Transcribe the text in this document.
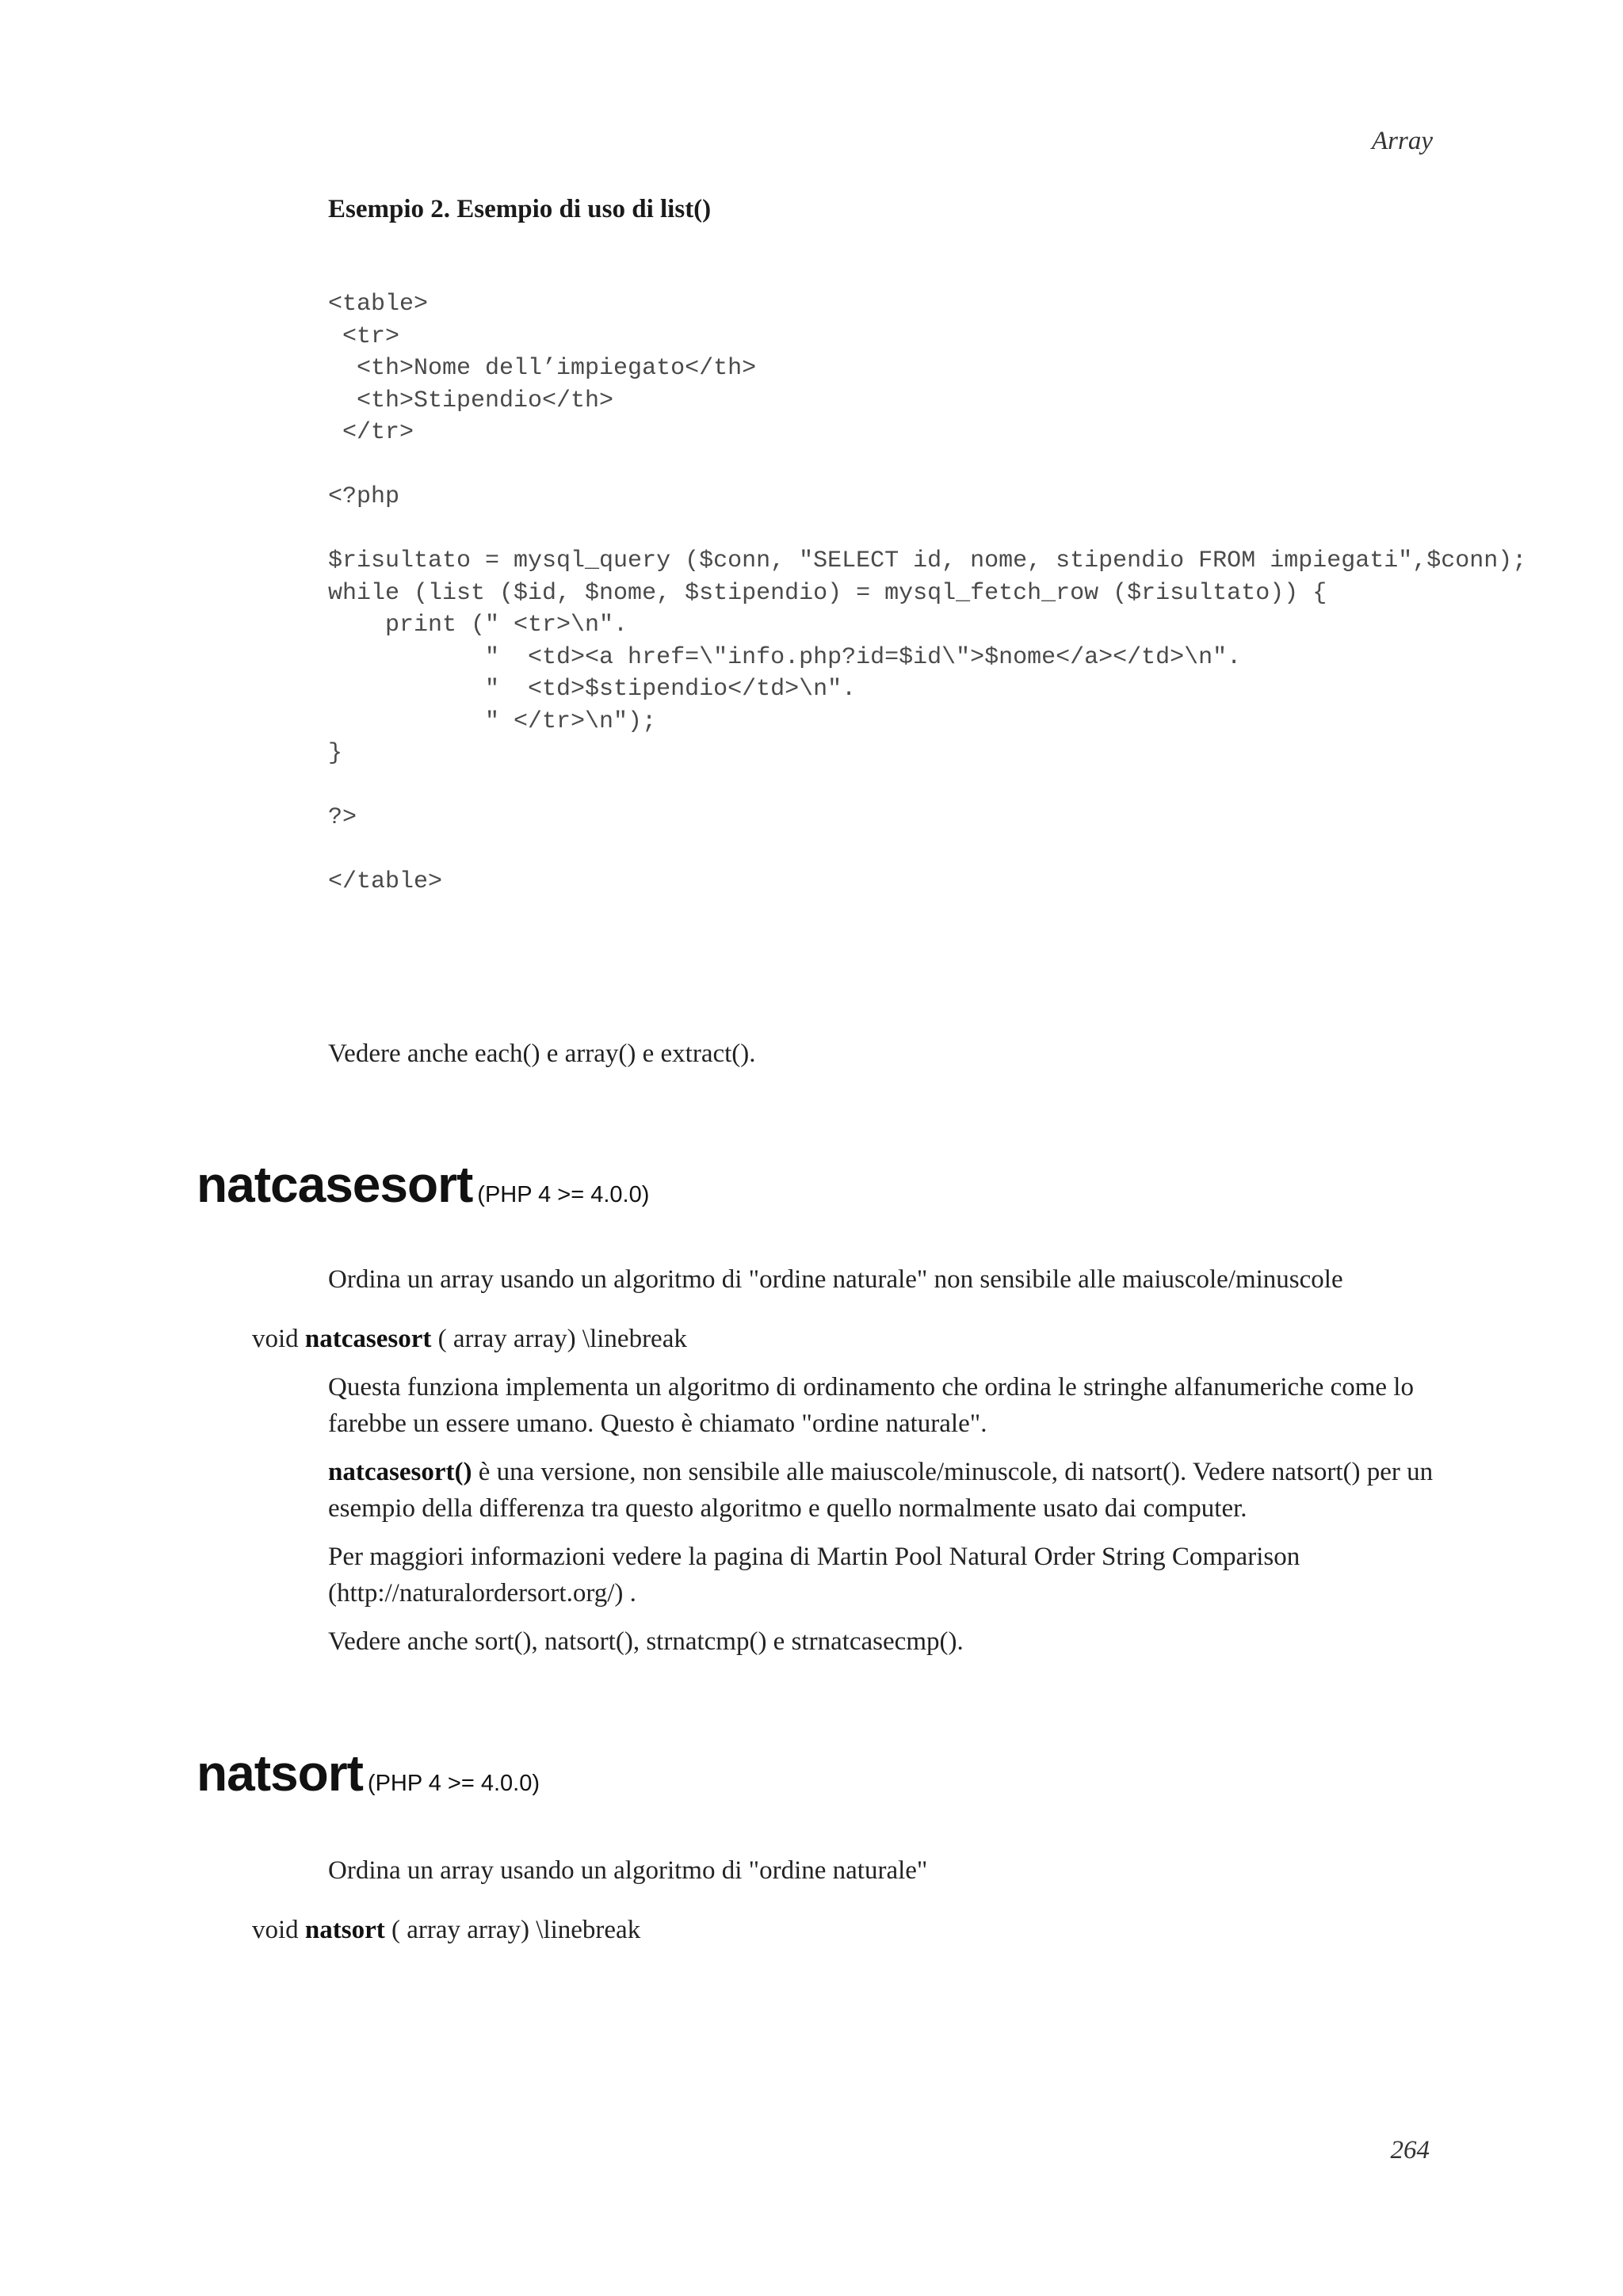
Array
Esempio 2. Esempio di uso di list()
<table>
<tr>
<th>Nome dell’impiegato</th>
<th>Stipendio</th>
</tr>

<?php

$risultato = mysql_query ($conn, "SELECT id, nome, stipendio FROM impiegati",$conn);
while (list ($id, $nome, $stipendio) = mysql_fetch_row ($risultato)) {
print (" <tr>\n".
"  <td><a href=\"info.php?id=$id\">$nome</a></td>\n".
"  <td>$stipendio</td>\n".
" </tr>\n");
}

?>

</table>
Vedere anche each() e array() e extract().
natcasesort (PHP 4 >= 4.0.0)
Ordina un array usando un algoritmo di "ordine naturale" non sensibile alle maiuscole/minuscole
void natcasesort ( array array) \linebreak

Questa funziona implementa un algoritmo di ordinamento che ordina le stringhe alfanumeriche come lo farebbe un essere umano. Questo è chiamato "ordine naturale".

natcasesort() è una versione, non sensibile alle maiuscole/minuscole, di natsort(). Vedere natsort() per un esempio della differenza tra questo algoritmo e quello normalmente usato dai computer.

Per maggiori informazioni vedere la pagina di Martin Pool Natural Order String Comparison (http://naturalordersort.org/) .

Vedere anche sort(), natsort(), strnatcmp() e strnatcasecmp().

natsort (PHP 4 >= 4.0.0)
Ordina un array usando un algoritmo di "ordine naturale"
void natsort ( array array) \linebreak
264
